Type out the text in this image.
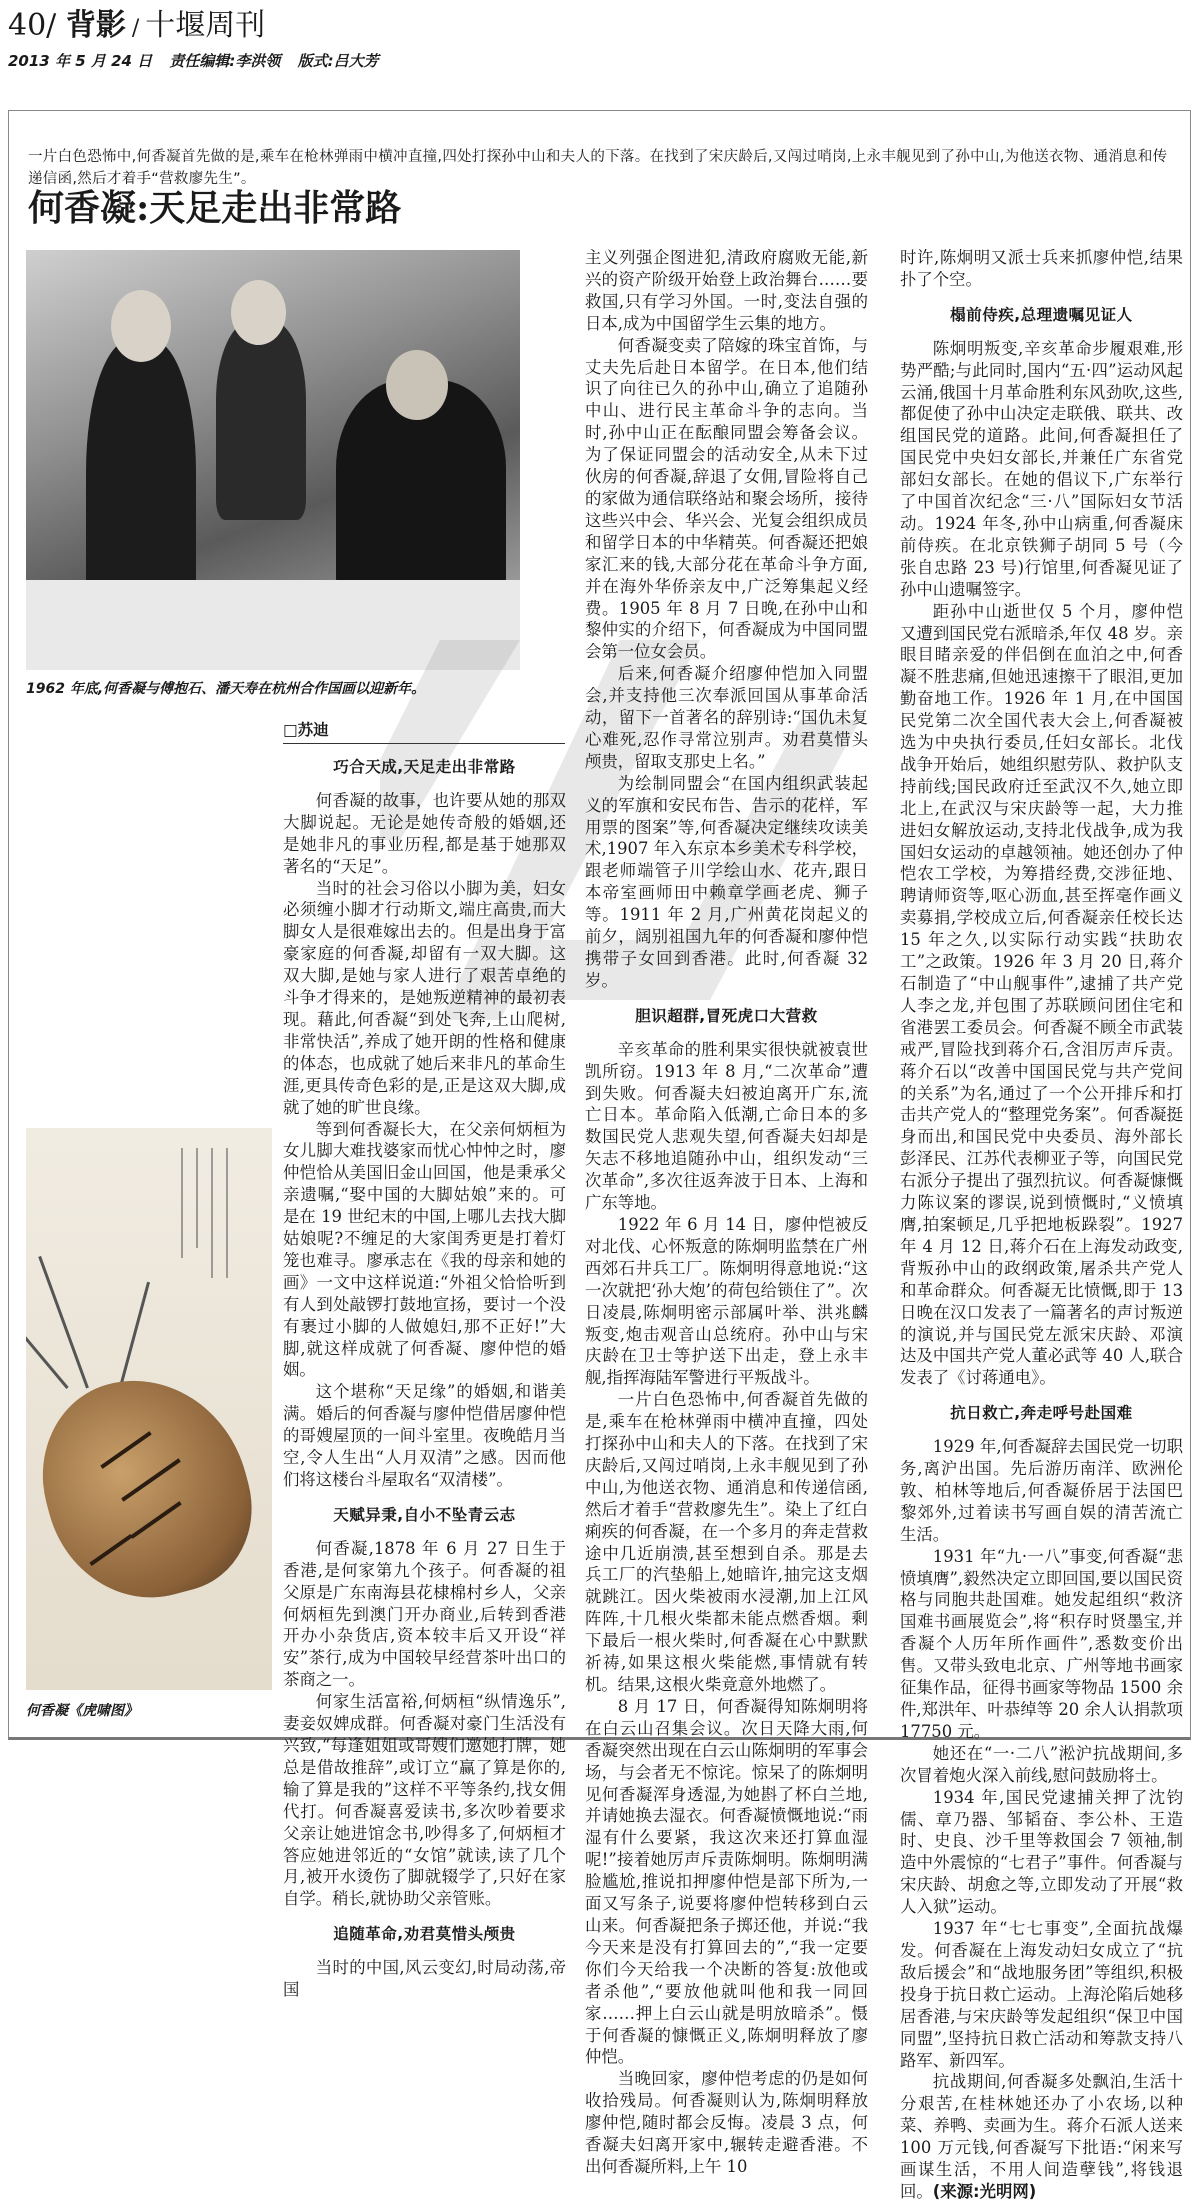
40/ 背影 / 十堰周刊
2013 年 5 月 24 日 责任编辑:李洪领 版式:吕大芳
一片白色恐怖中,何香凝首先做的是,乘车在枪林弹雨中横冲直撞,四处打探孙中山和夫人的下落。在找到了宋庆龄后,又闯过哨岗,上永丰舰见到了孙中山,为他送衣物、通消息和传递信函,然后才着手“营救廖先生”。
何香凝:天足走出非常路
1962 年底,何香凝与傅抱石、潘天寿在杭州合作国画以迎新年。
□苏迪
何香凝《虎啸图》
巧合天成,天足走出非常路

何香凝的故事，也许要从她的那双大脚说起。无论是她传奇般的婚姻,还是她非凡的事业历程,都是基于她那双著名的“天足”。

当时的社会习俗以小脚为美，妇女必须缠小脚才行动斯文,端庄高贵,而大脚女人是很难嫁出去的。但是出身于富豪家庭的何香凝,却留有一双大脚。这双大脚,是她与家人进行了艰苦卓绝的斗争才得来的，是她叛逆精神的最初表现。藉此,何香凝“到处飞奔,上山爬树,非常快活”,养成了她开朗的性格和健康的体态，也成就了她后来非凡的革命生涯,更具传奇色彩的是,正是这双大脚,成就了她的旷世良缘。

等到何香凝长大，在父亲何炳桓为女儿脚大难找婆家而忧心忡忡之时，廖仲恺恰从美国旧金山回国，他是秉承父亲遗嘱,“娶中国的大脚姑娘”来的。可是在 19 世纪末的中国,上哪儿去找大脚姑娘呢?不缠足的大家闺秀更是打着灯笼也难寻。廖承志在《我的母亲和她的画》一文中这样说道:“外祖父恰恰听到有人到处敲锣打鼓地宣扬，要讨一个没有裹过小脚的人做媳妇,那不正好!”大脚,就这样成就了何香凝、廖仲恺的婚姻。

这个堪称“天足缘”的婚姻,和谐美满。婚后的何香凝与廖仲恺借居廖仲恺的哥嫂屋顶的一间斗室里。夜晚皓月当空,令人生出“人月双清”之感。因而他们将这楼台斗屋取名“双清楼”。

天赋异秉,自小不坠青云志

何香凝,1878 年 6 月 27 日生于香港,是何家第九个孩子。何香凝的祖父原是广东南海县花棣棉村乡人，父亲何炳桓先到澳门开办商业,后转到香港开办小杂货店,资本较丰后又开设“祥安”茶行,成为中国较早经营茶叶出口的茶商之一。

何家生活富裕,何炳桓“纵情逸乐”,妻妾奴婢成群。何香凝对豪门生活没有兴致,“每逢姐姐或哥嫂们邀她打牌，她总是借故推辞”,或订立“赢了算是你的,输了算是我的”这样不平等条约,找女佣代打。何香凝喜爱读书,多次吵着要求父亲让她进馆念书,吵得多了,何炳桓才答应她进邻近的“女馆”就读,读了几个月,被开水烫伤了脚就辍学了,只好在家自学。稍长,就协助父亲管账。

追随革命,劝君莫惜头颅贵

当时的中国,风云变幻,时局动荡,帝国

主义列强企图进犯,清政府腐败无能,新兴的资产阶级开始登上政治舞台……要救国,只有学习外国。一时,变法自强的日本,成为中国留学生云集的地方。

何香凝变卖了陪嫁的珠宝首饰，与丈夫先后赴日本留学。在日本,他们结识了向往已久的孙中山,确立了追随孙中山、进行民主革命斗争的志向。当时,孙中山正在酝酿同盟会筹备会议。为了保证同盟会的活动安全,从未下过伙房的何香凝,辞退了女佣,冒险将自己的家做为通信联络站和聚会场所，接待这些兴中会、华兴会、光复会组织成员和留学日本的中华精英。何香凝还把娘家汇来的钱,大部分花在革命斗争方面,并在海外华侨亲友中,广泛筹集起义经费。1905 年 8 月 7 日晚,在孙中山和黎仲实的介绍下，何香凝成为中国同盟会第一位女会员。

后来,何香凝介绍廖仲恺加入同盟会,并支持他三次奉派回国从事革命活动，留下一首著名的辞别诗:“国仇未复心难死,忍作寻常泣别声。劝君莫惜头颅贵，留取支那史上名。”

为绘制同盟会“在国内组织武装起义的军旗和安民布告、告示的花样，军用票的图案”等,何香凝决定继续攻读美术,1907 年入东京本乡美术专科学校，跟老师端管子川学绘山水、花卉,跟日本帝室画师田中赖章学画老虎、狮子等。1911 年 2 月,广州黄花岗起义的前夕，阔别祖国九年的何香凝和廖仲恺携带子女回到香港。此时,何香凝 32 岁。

胆识超群,冒死虎口大营救

辛亥革命的胜利果实很快就被袁世凯所窃。1913 年 8 月,“二次革命”遭到失败。何香凝夫妇被迫离开广东,流亡日本。革命陷入低潮,亡命日本的多数国民党人悲观失望,何香凝夫妇却是矢志不移地追随孙中山，组织发动“三次革命”,多次往返奔波于日本、上海和广东等地。

1922 年 6 月 14 日，廖仲恺被反对北伐、心怀叛意的陈炯明监禁在广州西郊石井兵工厂。陈炯明得意地说:“这一次就把‘孙大炮’的荷包给锁住了”。次日凌晨,陈炯明密示部属叶举、洪兆麟叛变,炮击观音山总统府。孙中山与宋庆龄在卫士等护送下出走，登上永丰舰,指挥海陆军警进行平叛战斗。

一片白色恐怖中,何香凝首先做的是,乘车在枪林弹雨中横冲直撞，四处打探孙中山和夫人的下落。在找到了宋庆龄后,又闯过哨岗,上永丰舰见到了孙中山,为他送衣物、通消息和传递信函,然后才着手“营救廖先生”。染上了红白痢疾的何香凝，在一个多月的奔走营救途中几近崩溃,甚至想到自杀。那是去兵工厂的汽垫船上,她暗许,抽完这支烟就跳江。因火柴被雨水浸潮,加上江风阵阵,十几根火柴都未能点燃香烟。剩下最后一根火柴时,何香凝在心中默默祈祷,如果这根火柴能燃,事情就有转机。结果,这根火柴竟意外地燃了。

8 月 17 日，何香凝得知陈炯明将在白云山召集会议。次日天降大雨,何香凝突然出现在白云山陈炯明的军事会场，与会者无不惊诧。惊呆了的陈炯明见何香凝浑身透湿,为她斟了杯白兰地,并请她换去湿衣。何香凝愤慨地说:“雨湿有什么要紧，我这次来还打算血湿呢!”接着她厉声斥责陈炯明。陈炯明满脸尴尬,推说扣押廖仲恺是部下所为,一面又写条子,说要将廖仲恺转移到白云山来。何香凝把条子掷还他，并说:“我今天来是没有打算回去的”,“我一定要你们今天给我一个决断的答复:放他或者杀他”,“要放他就叫他和我一同回家……押上白云山就是明放暗杀”。慑于何香凝的慷慨正义,陈炯明释放了廖仲恺。

当晚回家，廖仲恺考虑的仍是如何收拾残局。何香凝则认为,陈炯明释放廖仲恺,随时都会反悔。凌晨 3 点，何香凝夫妇离开家中,辗转走避香港。不出何香凝所料,上午 10

时许,陈炯明又派士兵来抓廖仲恺,结果扑了个空。

榻前侍疾,总理遗嘱见证人

陈炯明叛变,辛亥革命步履艰难,形势严酷;与此同时,国内“五·四”运动风起云涌,俄国十月革命胜利东风劲吹,这些,都促使了孙中山决定走联俄、联共、改组国民党的道路。此间,何香凝担任了国民党中央妇女部长,并兼任广东省党部妇女部长。在她的倡议下,广东举行了中国首次纪念“三·八”国际妇女节活动。1924 年冬,孙中山病重,何香凝床前侍疾。在北京铁狮子胡同 5 号（今张自忠路 23 号)行馆里,何香凝见证了孙中山遗嘱签字。

距孙中山逝世仅 5 个月，廖仲恺又遭到国民党右派暗杀,年仅 48 岁。亲眼目睹亲爱的伴侣倒在血泊之中,何香凝不胜悲痛,但她迅速擦干了眼泪,更加勤奋地工作。1926 年 1 月,在中国国民党第二次全国代表大会上,何香凝被选为中央执行委员,任妇女部长。北伐战争开始后，她组织慰劳队、救护队支持前线;国民政府迁至武汉不久,她立即北上,在武汉与宋庆龄等一起，大力推进妇女解放运动,支持北伐战争,成为我国妇女运动的卓越领袖。她还创办了仲恺农工学校，为筹措经费,交涉征地、聘请师资等,呕心沥血,甚至挥毫作画义卖募捐,学校成立后,何香凝亲任校长达 15 年之久,以实际行动实践“扶助农工”之政策。1926 年 3 月 20 日,蒋介石制造了“中山舰事件”,逮捕了共产党人李之龙,并包围了苏联顾问团住宅和省港罢工委员会。何香凝不顾全市武装戒严,冒险找到蒋介石,含泪厉声斥责。蒋介石以“改善中国国民党与共产党间的关系”为名,通过了一个公开排斥和打击共产党人的“整理党务案”。何香凝挺身而出,和国民党中央委员、海外部长彭泽民、江苏代表柳亚子等，向国民党右派分子提出了强烈抗议。何香凝慷慨力陈议案的谬误,说到愤慨时,“义愤填膺,拍案顿足,几乎把地板跺裂”。1927 年 4 月 12 日,蒋介石在上海发动政变,背叛孙中山的政纲政策,屠杀共产党人和革命群众。何香凝无比愤慨,即于 13 日晚在汉口发表了一篇著名的声讨叛逆的演说,并与国民党左派宋庆龄、邓演达及中国共产党人董必武等 40 人,联合发表了《讨蒋通电》。

抗日救亡,奔走呼号赴国难

1929 年,何香凝辞去国民党一切职务,离沪出国。先后游历南洋、欧洲伦敦、柏林等地后,何香凝侨居于法国巴黎郊外,过着读书写画自娱的清苦流亡生活。

1931 年“九·一八”事变,何香凝“悲愤填膺”,毅然决定立即回国,要以国民资格与同胞共赴国难。她发起组织“救济国难书画展览会”,将“积存时贤墨宝,并香凝个人历年所作画件”,悉数变价出售。又带头致电北京、广州等地书画家征集作品，征得书画家等物品 1500 余件,郑洪年、叶恭绰等 20 余人认捐款项 17750 元。

她还在“一·二八”淞沪抗战期间,多次冒着炮火深入前线,慰问鼓励将士。

1934 年,国民党逮捕关押了沈钧儒、章乃器、邹韬奋、李公朴、王造时、史良、沙千里等救国会 7 领袖,制造中外震惊的“七君子”事件。何香凝与宋庆龄、胡愈之等,立即发动了开展“救人入狱”运动。

1937 年“七七事变”,全面抗战爆发。何香凝在上海发动妇女成立了“抗敌后援会”和“战地服务团”等组织,积极投身于抗日救亡运动。上海沦陷后她移居香港,与宋庆龄等发起组织“保卫中国同盟”,坚持抗日救亡活动和筹款支持八路军、新四军。

抗战期间,何香凝多处飘泊,生活十分艰苦,在桂林她还办了小农场,以种菜、养鸭、卖画为生。蒋介石派人送来 100 万元钱,何香凝写下批语:“闲来写画谋生活，不用人间造孽钱”,将钱退回。(来源:光明网)
